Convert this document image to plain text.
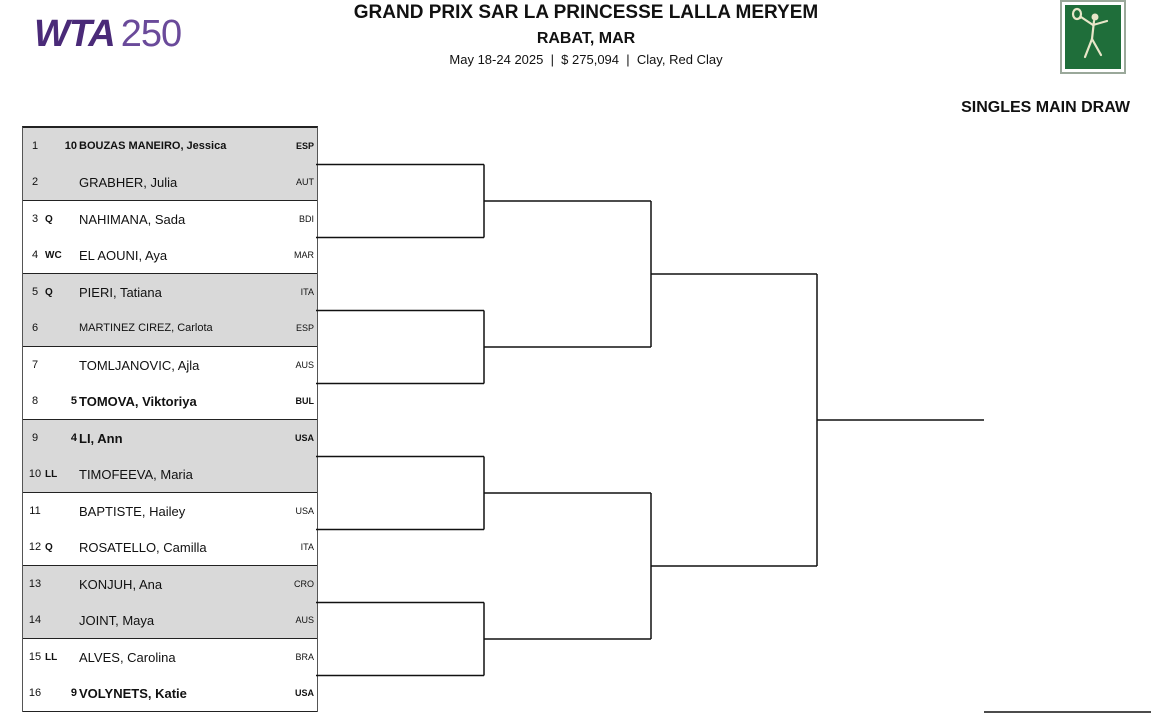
WTA 250
GRAND PRIX SAR LA PRINCESSE LALLA MERYEM
RABAT, MAR
May 18-24 2025  |  $ 275,094  |  Clay, Red Clay
SINGLES MAIN DRAW
1	10 BOUZAS MANEIRO, Jessica	ESP
2	GRABHER, Julia	AUT
3 Q	NAHIMANA, Sada	BDI
4 WC EL AOUNI, Aya	MAR
5 Q	PIERI, Tatiana	ITA
6	MARTINEZ CIREZ, Carlota	ESP
7	TOMLJANOVIC, Ajla	AUS
8	5 TOMOVA, Viktoriya	BUL
9	4 LI, Ann	USA
10 LL TIMOFEEVA, Maria
11	BAPTISTE, Hailey	USA
12 Q	ROSATELLO, Camilla	ITA
13	KONJUH, Ana	CRO
14	JOINT, Maya	AUS
15 LL ALVES, Carolina	BRA
16	9 VOLYNETS, Katie	USA
